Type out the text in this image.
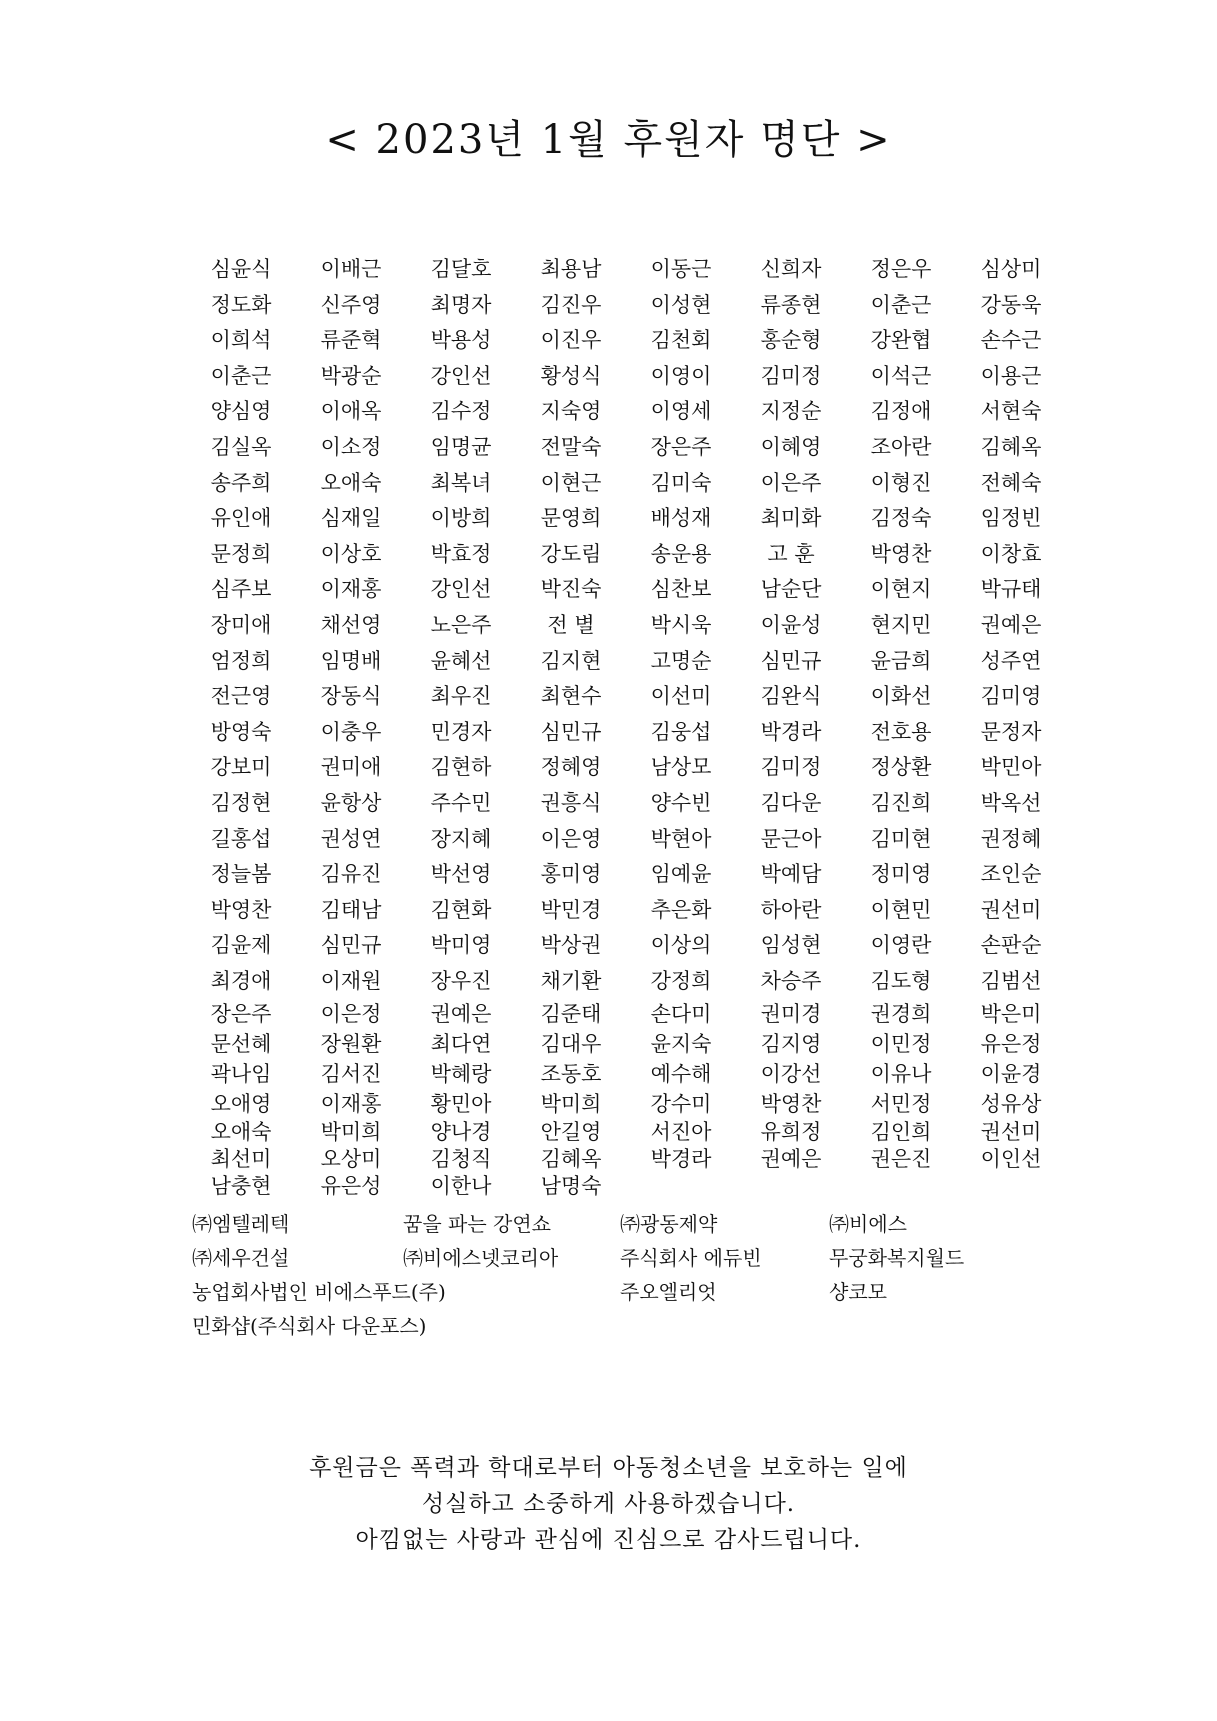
< 2023년 1월 후원자 명단 >
심윤식	이배근	김달호	최용남	이동근	신희자	정은우	심상미
정도화	신주영	최명자	김진우	이성현	류종현	이춘근	강동욱
이희석	류준혁	박용성	이진우	김천회	홍순형	강완협	손수근
이춘근	박광순	강인선	황성식	이영이	김미정	이석근	이용근
양심영	이애옥	김수정	지숙영	이영세	지정순	김정애	서현숙
김실옥	이소정	임명균	전말숙	장은주	이혜영	조아란	김혜옥
송주희	오애숙	최복녀	이현근	김미숙	이은주	이형진	전혜숙
유인애	심재일	이방희	문영희	배성재	최미화	김정숙	임정빈
문정희	이상호	박효정	강도림	송운용	고 훈	박영찬	이창효
심주보	이재홍	강인선	박진숙	심찬보	남순단	이현지	박규태
장미애	채선영	노은주	전 별	박시욱	이윤성	현지민	권예은
엄정희	임명배	윤혜선	김지현	고명순	심민규	윤금희	성주연
전근영	장동식	최우진	최현수	이선미	김완식	이화선	김미영
방영숙	이충우	민경자	심민규	김웅섭	박경라	전호용	문정자
강보미	권미애	김현하	정혜영	남상모	김미정	정상환	박민아
김정현	윤항상	주수민	권흥식	양수빈	김다운	김진희	박옥선
길홍섭	권성연	장지혜	이은영	박현아	문근아	김미현	권정혜
정늘봄	김유진	박선영	홍미영	임예윤	박예담	정미영	조인순
박영찬	김태남	김현화	박민경	추은화	하아란	이현민	권선미
김윤제	심민규	박미영	박상권	이상의	임성현	이영란	손판순
최경애	이재원	장우진	채기환	강정희	차승주	김도형	김범선
장은주	이은정	권예은	김준태	손다미	권미경	권경희	박은미
문선혜	장원환	최다연	김대우	윤지숙	김지영	이민정	유은정
곽나임	김서진	박혜랑	조동호	예수해	이강선	이유나	이윤경
오애영	이재홍	황민아	박미희	강수미	박영찬	서민정	성유상
오애숙	박미희	양나경	안길영	서진아	유희정	김인희	권선미
최선미	오상미	김청직	김혜옥	박경라	권예은	권은진	이인선
남충현	유은성	이한나	남명숙
㈜엠텔레텍	꿈을 파는 강연쇼	㈜광동제약	㈜비에스
㈜세우건설	㈜비에스넷코리아	주식회사 에듀빈	무궁화복지월드
농업회사법인 비에스푸드(주)	주오엘리엇	샹코모
민화샵(주식회사 다운포스)
후원금은 폭력과 학대로부터 아동청소년을 보호하는 일에
성실하고 소중하게 사용하겠습니다.
아낌없는 사랑과 관심에 진심으로 감사드립니다.
